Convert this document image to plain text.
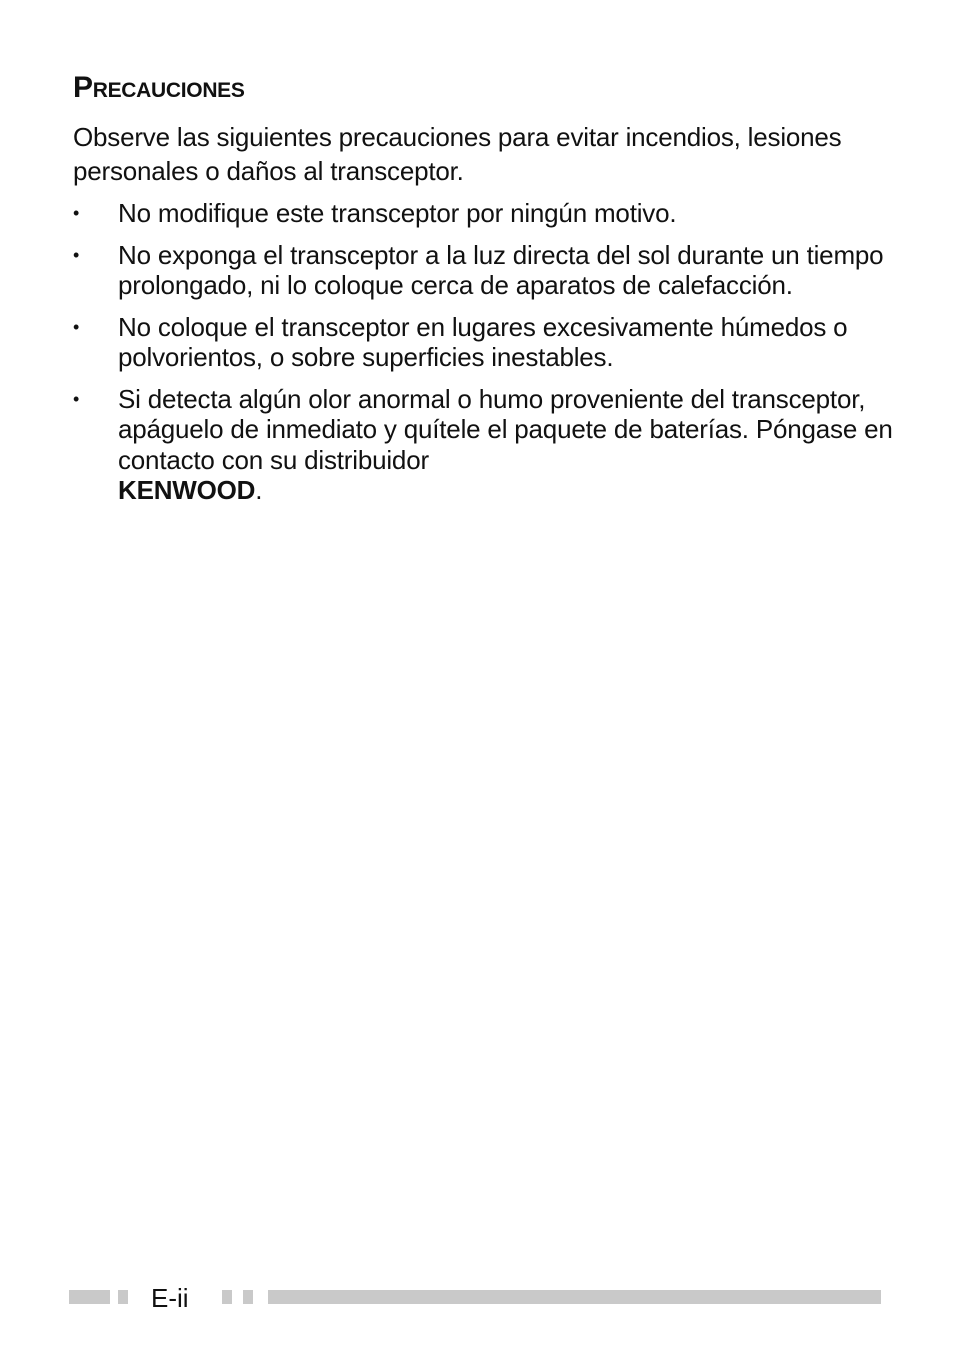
Precauciones

Observe las siguientes precauciones para evitar incendios, lesiones personales o daños al transceptor.

• No modifique este transceptor por ningún motivo.
• No exponga el transceptor a la luz directa del sol durante un tiempo prolongado, ni lo coloque cerca de aparatos de calefacción.
• No coloque el transceptor en lugares excesivamente húmedos o polvorientos, o sobre superficies inestables.
• Si detecta algún olor anormal o humo proveniente del transceptor, apáguelo de inmediato y quítele el paquete de baterías. Póngase en contacto con su distribuidor
KENWOOD.
E-ii
